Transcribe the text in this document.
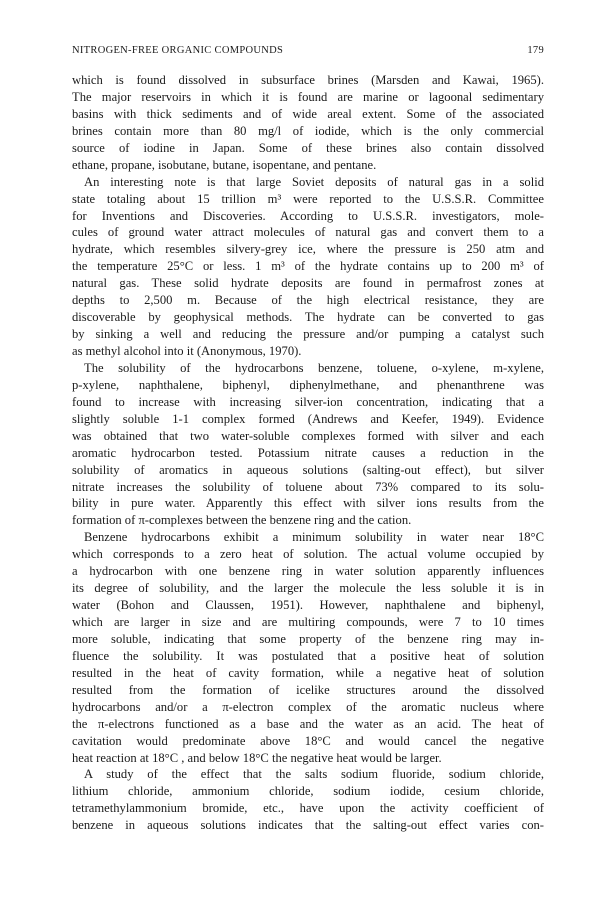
NITROGEN-FREE ORGANIC COMPOUNDS	179

which is found dissolved in subsurface brines (Marsden and Kawai, 1965).
The major reservoirs in which it is found are marine or lagoonal sedimentary
basins with thick sediments and of wide areal extent. Some of the associated
brines contain more than 80 mg/l of iodide, which is the only commercial
source of iodine in Japan. Some of these brines also contain dissolved
ethane, propane, isobutane, butane, isopentane, and pentane.

An interesting note is that large Soviet deposits of natural gas in a solid
state totaling about 15 trillion m³ were reported to the U.S.S.R. Committee
for Inventions and Discoveries. According to U.S.S.R. investigators, mole-
cules of ground water attract molecules of natural gas and convert them to a
hydrate, which resembles silvery-grey ice, where the pressure is 250 atm and
the temperature 25°C or less. 1 m³ of the hydrate contains up to 200 m³ of
natural gas. These solid hydrate deposits are found in permafrost zones at
depths to 2,500 m. Because of the high electrical resistance, they are
discoverable by geophysical methods. The hydrate can be converted to gas
by sinking a well and reducing the pressure and/or pumping a catalyst such
as methyl alcohol into it (Anonymous, 1970).

The solubility of the hydrocarbons benzene, toluene, o-xylene, m-xylene,
p-xylene, naphthalene, biphenyl, diphenylmethane, and phenanthrene was
found to increase with increasing silver-ion concentration, indicating that a
slightly soluble 1-1 complex formed (Andrews and Keefer, 1949). Evidence
was obtained that two water-soluble complexes formed with silver and each
aromatic hydrocarbon tested. Potassium nitrate causes a reduction in the
solubility of aromatics in aqueous solutions (salting-out effect), but silver
nitrate increases the solubility of toluene about 73% compared to its solu-
bility in pure water. Apparently this effect with silver ions results from the
formation of π-complexes between the benzene ring and the cation.

Benzene hydrocarbons exhibit a minimum solubility in water near 18°C
which corresponds to a zero heat of solution. The actual volume occupied by
a hydrocarbon with one benzene ring in water solution apparently influences
its degree of solubility, and the larger the molecule the less soluble it is in
water (Bohon and Claussen, 1951). However, naphthalene and biphenyl,
which are larger in size and are multiring compounds, were 7 to 10 times
more soluble, indicating that some property of the benzene ring may in-
fluence the solubility. It was postulated that a positive heat of solution
resulted in the heat of cavity formation, while a negative heat of solution
resulted from the formation of icelike structures around the dissolved
hydrocarbons and/or a π-electron complex of the aromatic nucleus where
the π-electrons functioned as a base and the water as an acid. The heat of
cavitation would predominate above 18°C and would cancel the negative
heat reaction at 18°C , and below 18°C the negative heat would be larger.

A study of the effect that the salts sodium fluoride, sodium chloride,
lithium chloride, ammonium chloride, sodium iodide, cesium chloride,
tetramethylammonium bromide, etc., have upon the activity coefficient of
benzene in aqueous solutions indicates that the salting-out effect varies con-
